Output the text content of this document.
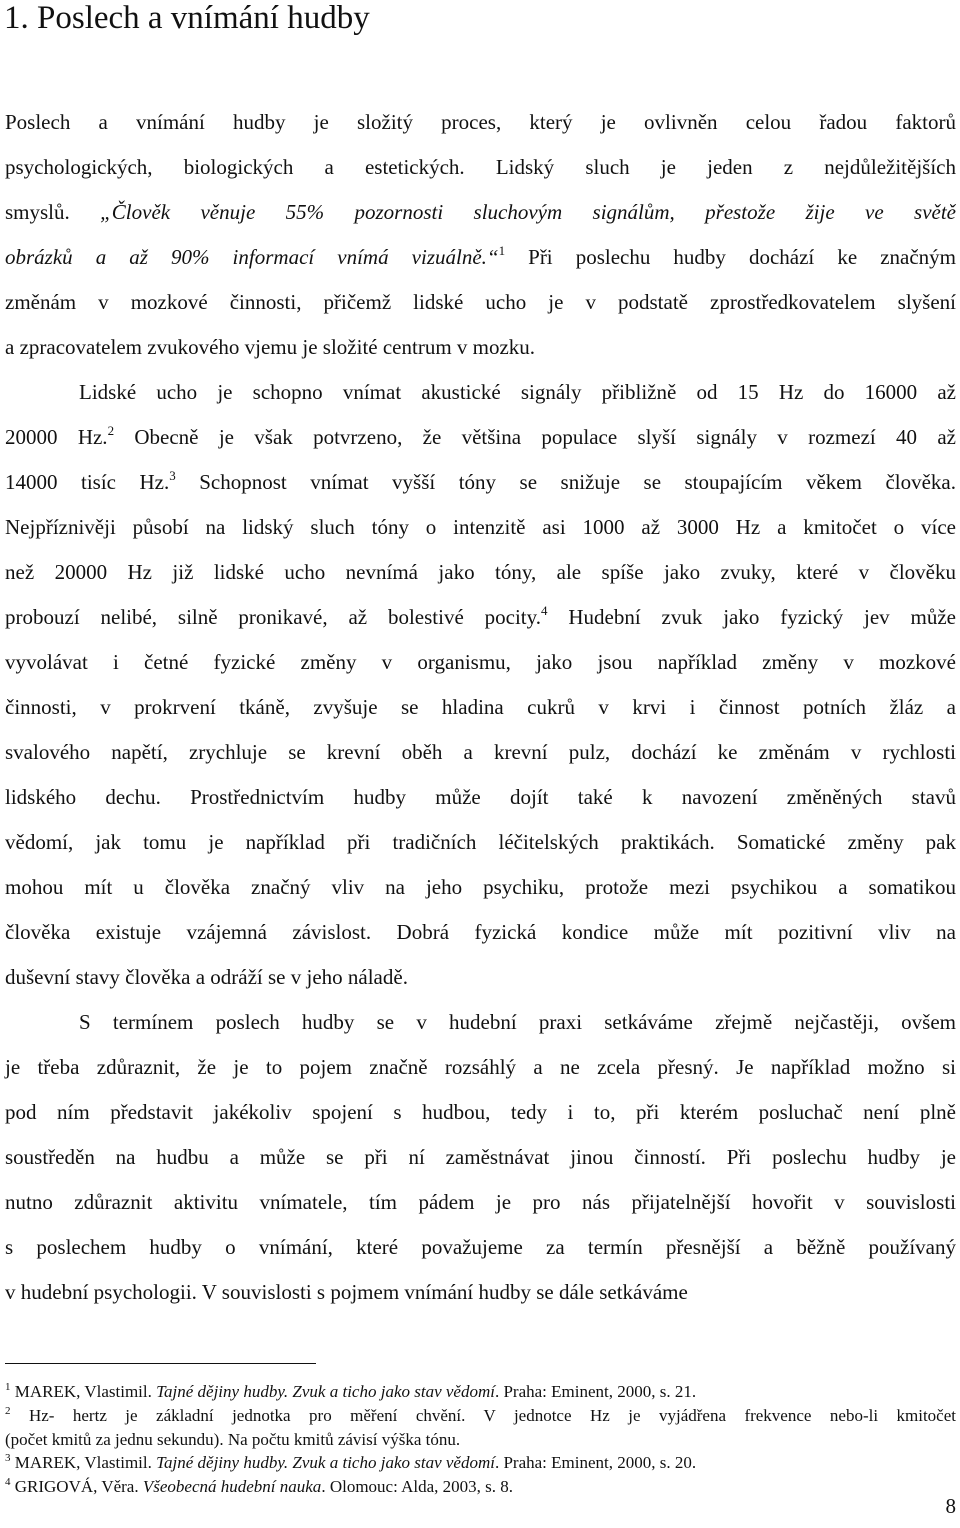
1. Poslech a vnímání hudby
Poslech a vnímání hudby je složitý proces, který je ovlivněn celou řadou faktorů
psychologických, biologických a estetických. Lidský sluch je jeden z nejdůležitějších
smyslů. „Člověk věnuje 55% pozornosti sluchovým signálům, přestože žije ve světě
obrázků a až 90% informací vnímá vizuálně.“$^1$ Při poslechu hudby dochází ke značným
změnám v mozkové činnosti, přičemž lidské ucho je v podstatě zprostředkovatelem slyšení
a zpracovatelem zvukového vjemu je složité centrum v mozku.
Lidské ucho je schopno vnímat akustické signály přibližně od 15 Hz do 16000 až
20000 Hz.$^2$ Obecně je však potvrzeno, že většina populace slyší signály v rozmezí 40 až
14000 tisíc Hz.$^3$ Schopnost vnímat vyšší tóny se snižuje se stoupajícím věkem člověka.
Nejpříznivěji působí na lidský sluch tóny o intenzitě asi 1000 až 3000 Hz a kmitočet o více
než 20000 Hz již lidské ucho nevnímá jako tóny, ale spíše jako zvuky, které v člověku
probouzí nelibé, silně pronikavé, až bolestivé pocity.$^4$ Hudební zvuk jako fyzický jev může
vyvolávat i četné fyzické změny v organismu, jako jsou například změny v mozkové
činnosti, v prokrvení tkáně, zvyšuje se hladina cukrů v krvi i činnost potních žláz a
svalového napětí, zrychluje se krevní oběh a krevní pulz, dochází ke změnám v rychlosti
lidského dechu. Prostřednictvím hudby může dojít také k navození změněných stavů
vědomí, jak tomu je například při tradičních léčitelských praktikách. Somatické změny pak
mohou mít u člověka značný vliv na jeho psychiku, protože mezi psychikou a somatikou
člověka existuje vzájemná závislost. Dobrá fyzická kondice může mít pozitivní vliv na
duševní stavy člověka a odráží se v jeho náladě.
S termínem poslech hudby se v hudební praxi setkáváme zřejmě nejčastěji, ovšem
je třeba zdůraznit, že je to pojem značně rozsáhlý a ne zcela přesný. Je například možno si
pod ním představit jakékoliv spojení s hudbou, tedy i to, při kterém posluchač není plně
soustředěn na hudbu a může se při ní zaměstnávat jinou činností. Při poslechu hudby je
nutno zdůraznit aktivitu vnímatele, tím pádem je pro nás přijatelnější hovořit v souvislosti
s poslechem hudby o vnímání, které považujeme za termín přesnější a běžně používaný
v hudební psychologii. V souvislosti s pojmem vnímání hudby se dále setkáváme
$^1$ MAREK, Vlastimil. Tajné dějiny hudby. Zvuk a ticho jako stav vědomí. Praha: Eminent, 2000, s. 21.
$^2$ Hz- hertz je základní jednotka pro měření chvění. V jednotce Hz je vyjádřena frekvence nebo-li kmitočet
(počet kmitů za jednu sekundu). Na počtu kmitů závisí výška tónu.
$^3$ MAREK, Vlastimil. Tajné dějiny hudby. Zvuk a ticho jako stav vědomí. Praha: Eminent, 2000, s. 20.
$^4$ GRIGOVÁ, Věra. Všeobecná hudební nauka. Olomouc: Alda, 2003, s. 8.
8
